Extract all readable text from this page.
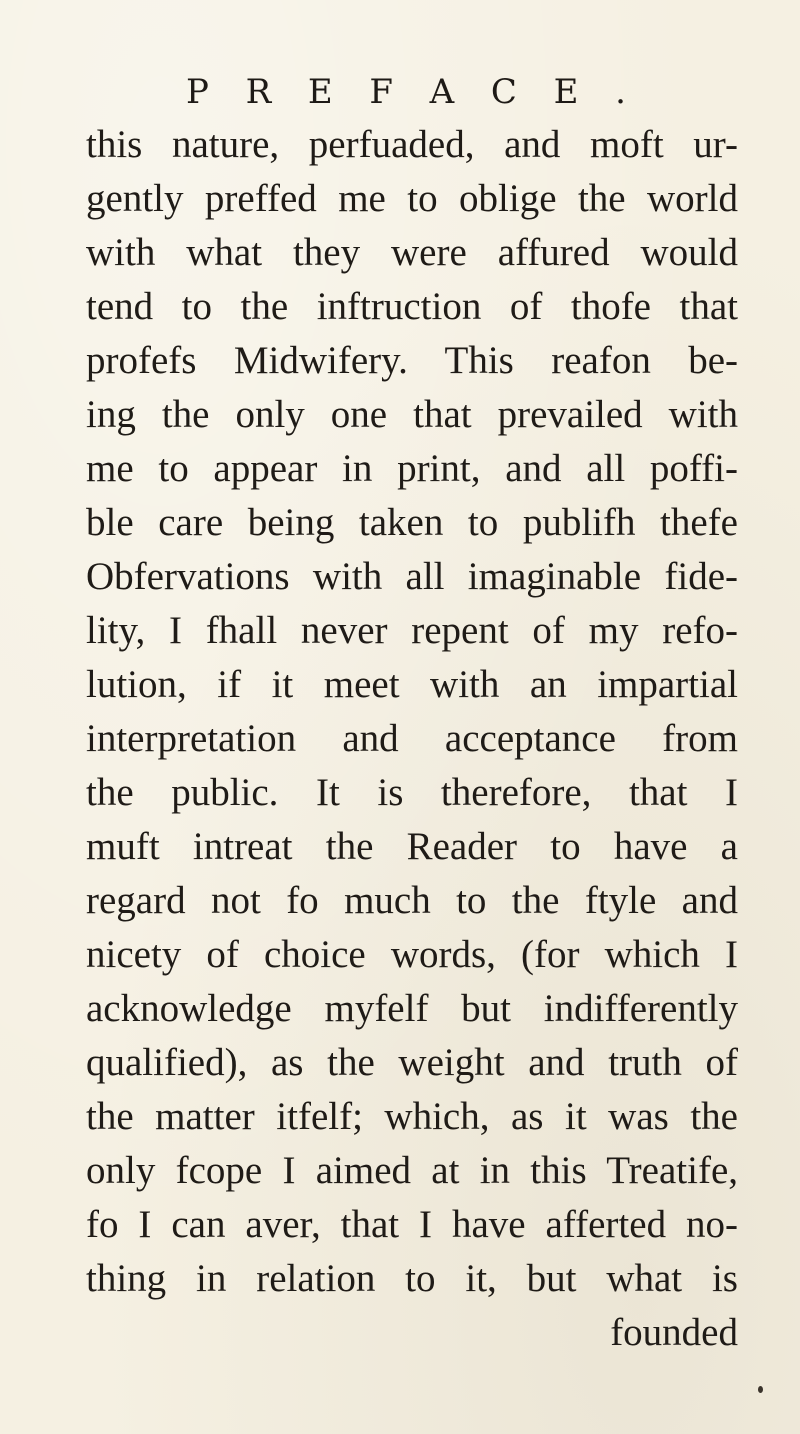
P R E F A C E .
this nature, perfuaded, and moft ur-
gently preffed me to oblige the world
with what they were affured would
tend to the inftruction of thofe that
profefs Midwifery. This reafon be-
ing the only one that prevailed with
me to appear in print, and all poffi-
ble care being taken to publifh thefe
Obfervations with all imaginable fide-
lity, I fhall never repent of my refo-
lution, if it meet with an impartial
interpretation and acceptance from
the public. It is therefore, that I
muft intreat the Reader to have a
regard not fo much to the ftyle and
nicety of choice words, (for which I
acknowledge myfelf but indifferently
qualified), as the weight and truth of
the matter itfelf; which, as it was the
only fcope I aimed at in this Treatife,
fo I can aver, that I have afferted no-
thing in relation to it, but what is
founded
